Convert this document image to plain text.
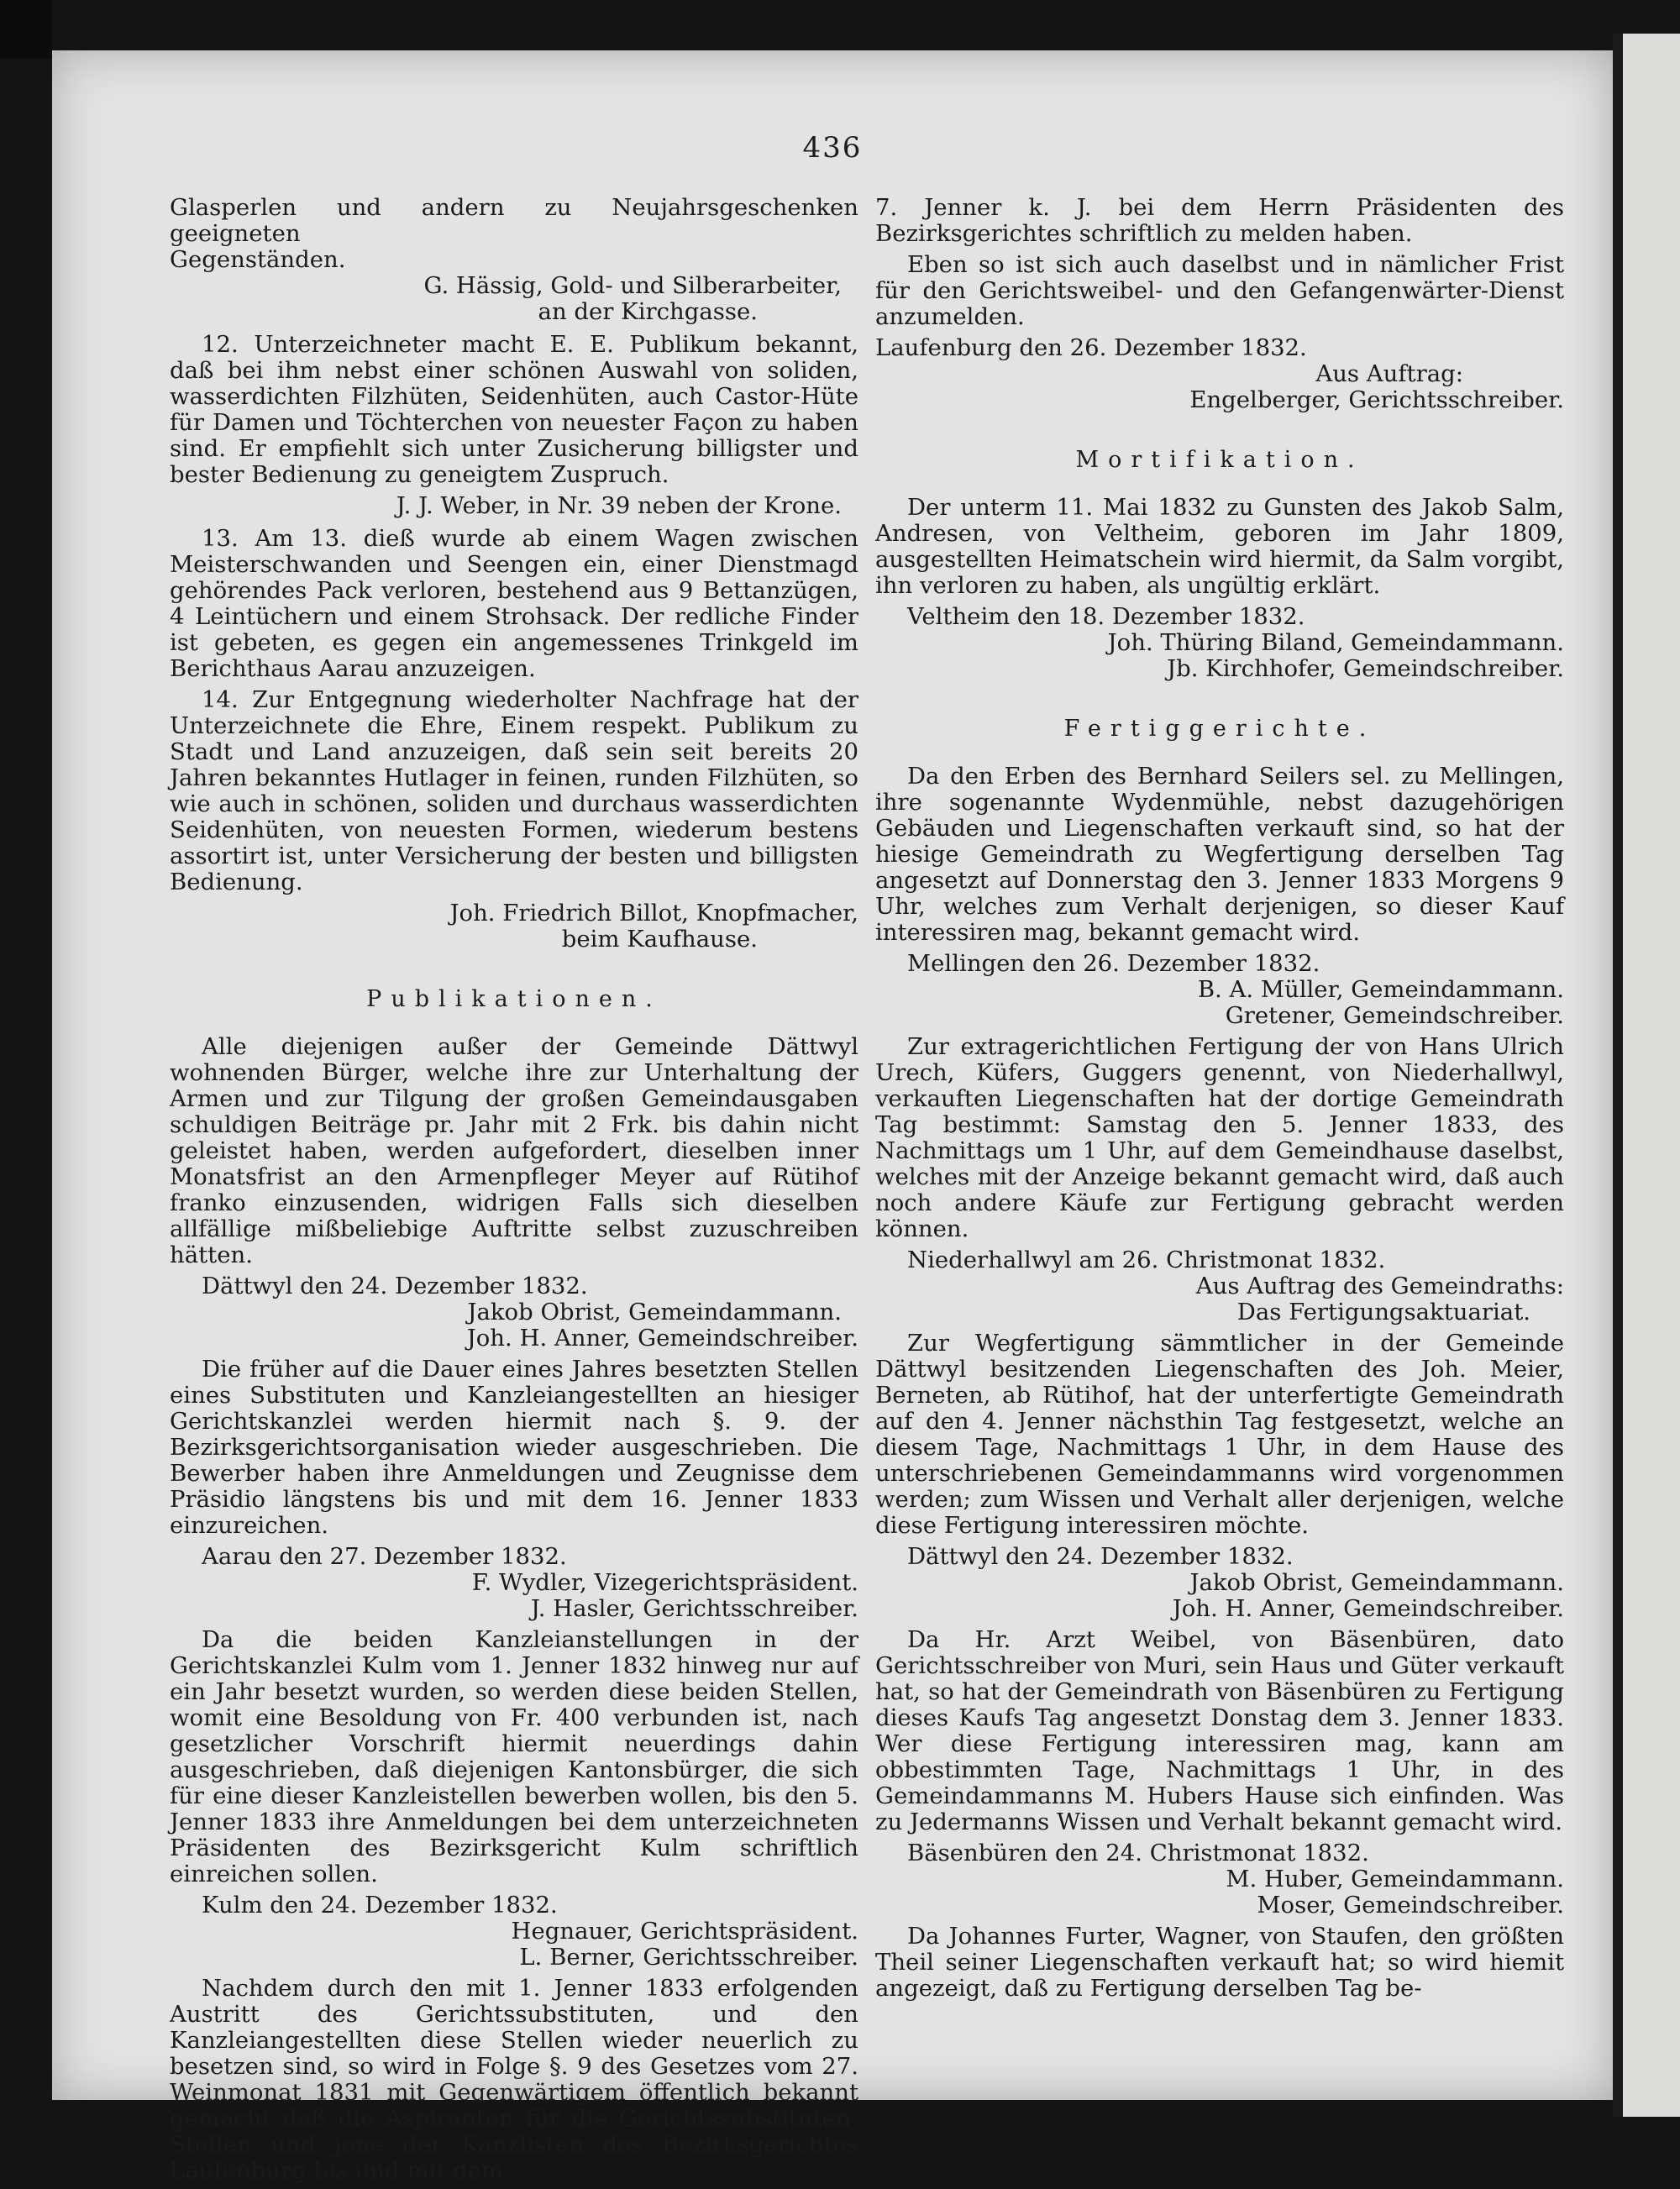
436
Glasperlen und andern zu Neujahrsgeschenken geeigneten
Gegenständen.
G. Hässig, Gold- und Silberarbeiter,
an der Kirchgasse.

12. Unterzeichneter macht E. E. Publikum bekannt, daß bei ihm nebst einer schönen Auswahl von soliden, wasserdichten Filzhüten, Seidenhüten, auch Castor-Hüte für Damen und Töchterchen von neuester Façon zu haben sind. Er empfiehlt sich unter Zusicherung billigster und bester Bedienung zu geneigtem Zuspruch.

J. J. Weber, in Nr. 39 neben der Krone.

13. Am 13. dieß wurde ab einem Wagen zwischen Meisterschwanden und Seengen ein, einer Dienstmagd gehörendes Pack verloren, bestehend aus 9 Bettanzügen, 4 Leintüchern und einem Strohsack. Der redliche Finder ist gebeten, es gegen ein angemessenes Trinkgeld im Berichthaus Aarau anzuzeigen.

14. Zur Entgegnung wiederholter Nachfrage hat der Unterzeichnete die Ehre, Einem respekt. Publikum zu Stadt und Land anzuzeigen, daß sein seit bereits 20 Jahren bekanntes Hutlager in feinen, runden Filzhüten, so wie auch in schönen, soliden und durchaus wasserdichten Seidenhüten, von neuesten Formen, wiederum bestens assortirt ist, unter Versicherung der besten und billigsten Bedienung.

Joh. Friedrich Billot, Knopfmacher,
beim Kaufhause.
Publikationen.

Alle diejenigen außer der Gemeinde Dättwyl wohnenden Bürger, welche ihre zur Unterhaltung der Armen und zur Tilgung der großen Gemeindausgaben schuldigen Beiträge pr. Jahr mit 2 Frk. bis dahin nicht geleistet haben, werden aufgefordert, dieselben inner Monatsfrist an den Armenpfleger Meyer auf Rütihof franko einzusenden, widrigen Falls sich dieselben allfällige mißbeliebige Auftritte selbst zuzuschreiben hätten.

Dättwyl den 24. Dezember 1832.
Jakob Obrist, Gemeindammann.
Joh. H. Anner, Gemeindschreiber.

Die früher auf die Dauer eines Jahres besetzten Stellen eines Substituten und Kanzleiangestellten an hiesiger Gerichtskanzlei werden hiermit nach §. 9. der Bezirksgerichtsorganisation wieder ausgeschrieben. Die Bewerber haben ihre Anmeldungen und Zeugnisse dem Präsidio längstens bis und mit dem 16. Jenner 1833 einzureichen.

Aarau den 27. Dezember 1832.
F. Wydler, Vizegerichtspräsident.
J. Hasler, Gerichtsschreiber.

Da die beiden Kanzleianstellungen in der Gerichtskanzlei Kulm vom 1. Jenner 1832 hinweg nur auf ein Jahr besetzt wurden, so werden diese beiden Stellen, womit eine Besoldung von Fr. 400 verbunden ist, nach gesetzlicher Vorschrift hiermit neuerdings dahin ausgeschrieben, daß diejenigen Kantonsbürger, die sich für eine dieser Kanzleistellen bewerben wollen, bis den 5. Jenner 1833 ihre Anmeldungen bei dem unterzeichneten Präsidenten des Bezirksgericht Kulm schriftlich einreichen sollen.

Kulm den 24. Dezember 1832.
Hegnauer, Gerichtspräsident.
L. Berner, Gerichtsschreiber.

Nachdem durch den mit 1. Jenner 1833 erfolgenden Austritt des Gerichtssubstituten, und den Kanzleiangestellten diese Stellen wieder neuerlich zu besetzen sind, so wird in Folge §. 9 des Gesetzes vom 27. Weinmonat 1831 mit Gegenwärtigem öffentlich bekannt gemacht daß die Aspiranten für die Gerichtssubstituten-Stellen und jene der Kanzlisten des Bezirksgerichtes Laufenburg bis und mit dem

7. Jenner k. J. bei dem Herrn Präsidenten des Bezirksgerichtes schriftlich zu melden haben.

Eben so ist sich auch daselbst und in nämlicher Frist für den Gerichtsweibel- und den Gefangenwärter-Dienst anzumelden.

Laufenburg den 26. Dezember 1832.
Aus Auftrag:
Engelberger, Gerichtsschreiber.
Mortifikation.

Der unterm 11. Mai 1832 zu Gunsten des Jakob Salm, Andresen, von Veltheim, geboren im Jahr 1809, ausgestellten Heimatschein wird hiermit, da Salm vorgibt, ihn verloren zu haben, als ungültig erklärt.

Veltheim den 18. Dezember 1832.
Joh. Thüring Biland, Gemeindammann.
Jb. Kirchhofer, Gemeindschreiber.
Fertiggerichte.

Da den Erben des Bernhard Seilers sel. zu Mellingen, ihre sogenannte Wydenmühle, nebst dazugehörigen Gebäuden und Liegenschaften verkauft sind, so hat der hiesige Gemeindrath zu Wegfertigung derselben Tag angesetzt auf Donnerstag den 3. Jenner 1833 Morgens 9 Uhr, welches zum Verhalt derjenigen, so dieser Kauf interessiren mag, bekannt gemacht wird.

Mellingen den 26. Dezember 1832.
B. A. Müller, Gemeindammann.
Gretener, Gemeindschreiber.

Zur extragerichtlichen Fertigung der von Hans Ulrich Urech, Küfers, Guggers genennt, von Niederhallwyl, verkauften Liegenschaften hat der dortige Gemeindrath Tag bestimmt: Samstag den 5. Jenner 1833, des Nachmittags um 1 Uhr, auf dem Gemeindhause daselbst, welches mit der Anzeige bekannt gemacht wird, daß auch noch andere Käufe zur Fertigung gebracht werden können.

Niederhallwyl am 26. Christmonat 1832.
Aus Auftrag des Gemeindraths:
Das Fertigungsaktuariat.

Zur Wegfertigung sämmtlicher in der Gemeinde Dättwyl besitzenden Liegenschaften des Joh. Meier, Berneten, ab Rütihof, hat der unterfertigte Gemeindrath auf den 4. Jenner nächsthin Tag festgesetzt, welche an diesem Tage, Nachmittags 1 Uhr, in dem Hause des unterschriebenen Gemeindammanns wird vorgenommen werden; zum Wissen und Verhalt aller derjenigen, welche diese Fertigung interessiren möchte.

Dättwyl den 24. Dezember 1832.
Jakob Obrist, Gemeindammann.
Joh. H. Anner, Gemeindschreiber.

Da Hr. Arzt Weibel, von Bäsenbüren, dato Gerichtsschreiber von Muri, sein Haus und Güter verkauft hat, so hat der Gemeindrath von Bäsenbüren zu Fertigung dieses Kaufs Tag angesetzt Donstag dem 3. Jenner 1833. Wer diese Fertigung interessiren mag, kann am obbestimmten Tage, Nachmittags 1 Uhr, in des Gemeindammanns M. Hubers Hause sich einfinden. Was zu Jedermanns Wissen und Verhalt bekannt gemacht wird.

Bäsenbüren den 24. Christmonat 1832.
M. Huber, Gemeindammann.
Moser, Gemeindschreiber.

Da Johannes Furter, Wagner, von Staufen, den größten Theil seiner Liegenschaften verkauft hat; so wird hiemit angezeigt, daß zu Fertigung derselben Tag be-
